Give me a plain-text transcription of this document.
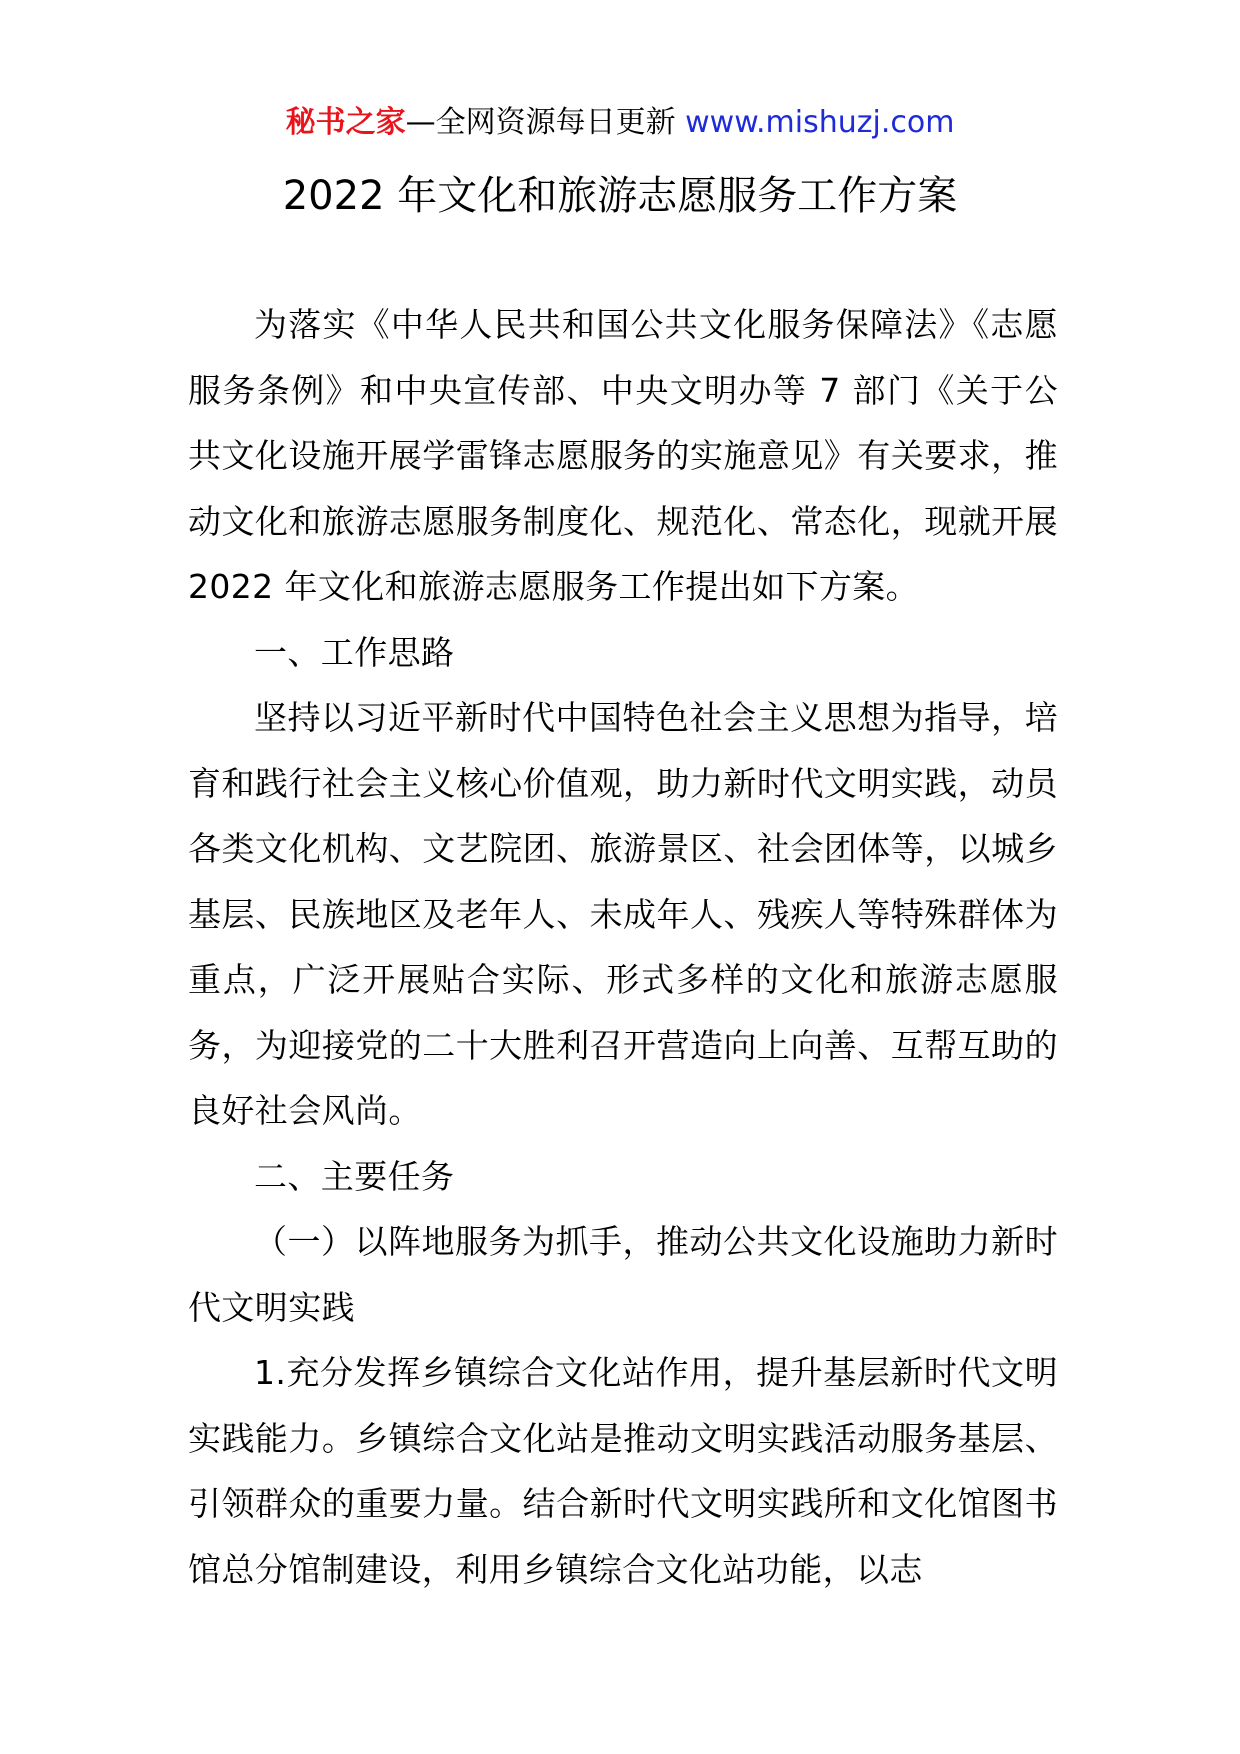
秘书之家—全网资源每日更新 www.mishuzj.com
2022 年文化和旅游志愿服务工作方案

为落实《中华人民共和国公共文化服务保障法》《志愿服务条例》和中央宣传部、中央文明办等 7 部门《关于公共文化设施开展学雷锋志愿服务的实施意见》有关要求，推动文化和旅游志愿服务制度化、规范化、常态化，现就开展 2022 年文化和旅游志愿服务工作提出如下方案。

一、工作思路

坚持以习近平新时代中国特色社会主义思想为指导，培育和践行社会主义核心价值观，助力新时代文明实践，动员各类文化机构、文艺院团、旅游景区、社会团体等，以城乡基层、民族地区及老年人、未成年人、残疾人等特殊群体为重点，广泛开展贴合实际、形式多样的文化和旅游志愿服务，为迎接党的二十大胜利召开营造向上向善、互帮互助的良好社会风尚。

二、主要任务

（一）以阵地服务为抓手，推动公共文化设施助力新时代文明实践

1.充分发挥乡镇综合文化站作用，提升基层新时代文明实践能力。乡镇综合文化站是推动文明实践活动服务基层、引领群众的重要力量。结合新时代文明实践所和文化馆图书馆总分馆制建设，利用乡镇综合文化站功能，以志
